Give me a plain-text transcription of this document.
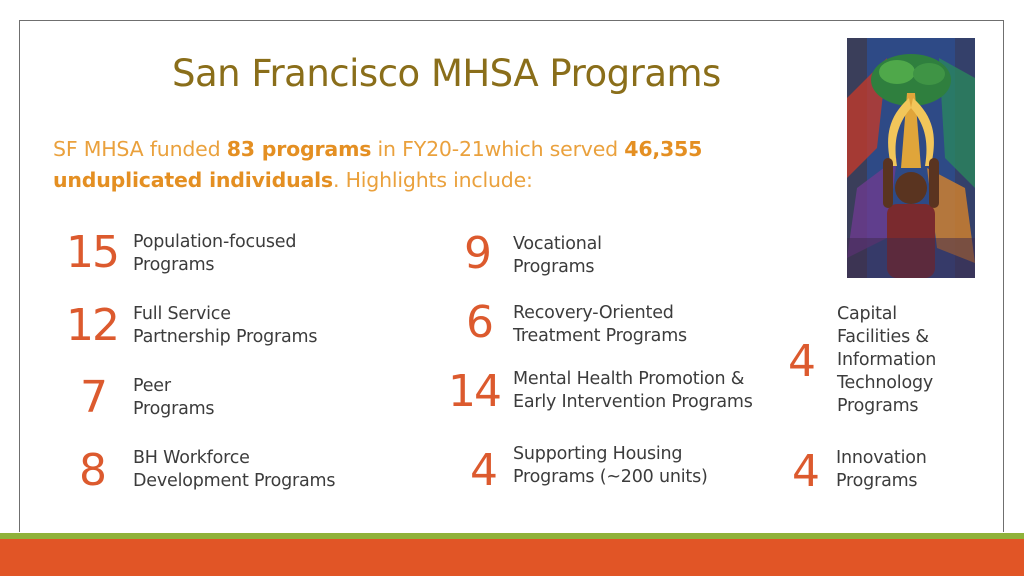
San Francisco MHSA Programs
SF MHSA funded 83 programs in FY20-21which served 46,355 unduplicated individuals. Highlights include:
15 Population-focused
Programs
12 Full Service
Partnership Programs
7 Peer
Programs
8 BH Workforce
Development Programs
9 Vocational
Programs
6 Recovery-Oriented
Treatment Programs
14 Mental Health Promotion &
Early Intervention Programs
4 Supporting Housing
Programs (~200 units)
4
Capital
Facilities &
Information
Technology
Programs
4 Innovation
Programs
